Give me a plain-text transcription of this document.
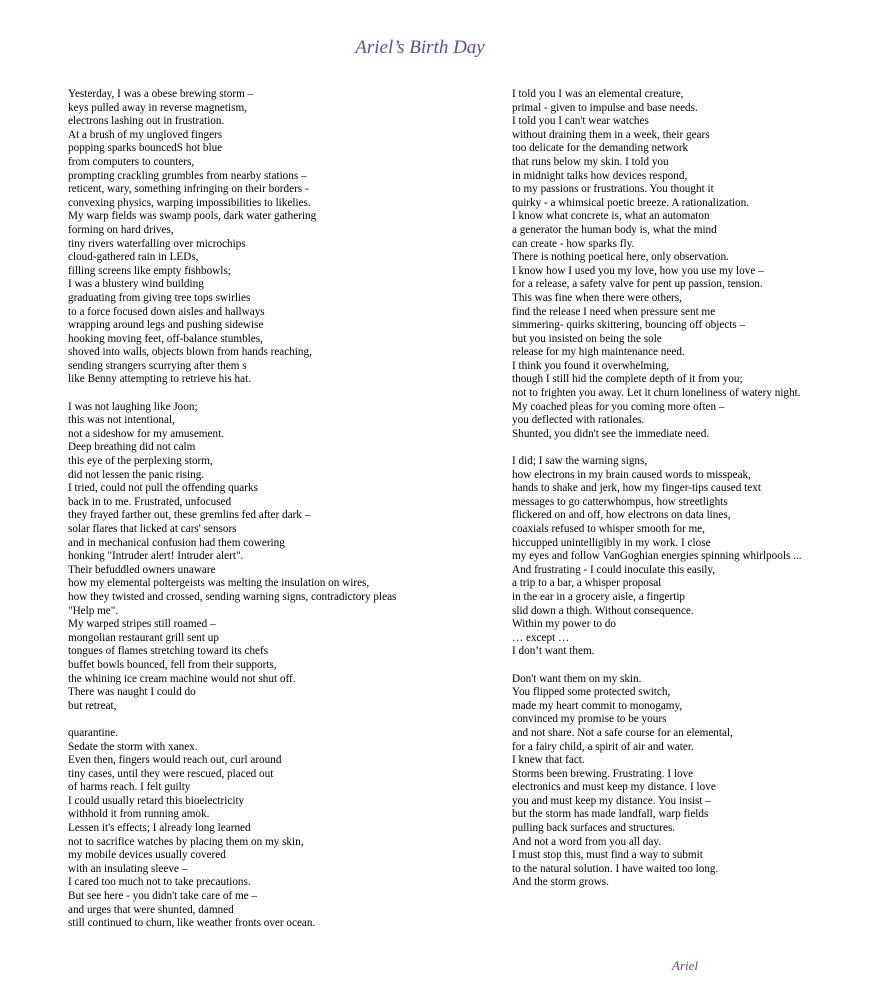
Ariel’s Birth Day
Yesterday, I was a obese brewing storm –
keys pulled away in reverse magnetism,
electrons lashing out in frustration.
At a brush of my ungloved fingers
popping sparks bouncedS hot blue
from computers to counters,
prompting crackling grumbles from nearby stations –
reticent, wary, something infringing on their borders -
convexing physics, warping impossibilities to likelies.
My warp fields was swamp pools, dark water gathering
forming on hard drives,
tiny rivers waterfalling over microchips
cloud-gathered rain in LEDs,
filling screens like empty fishbowls;
I was a blustery wind building
graduating from giving tree tops swirlies
to a force focused down aisles and hallways
wrapping around legs and pushing sidewise
hooking moving feet, off-balance stumbles,
shoved into walls, objects blown from hands reaching,
sending strangers scurrying after them s
like Benny attempting to retrieve his hat.
I was not laughing like Joon;
this was not intentional,
not a sideshow for my amusement.
Deep breathing did not calm
this eye of the perplexing storm,
did not lessen the panic rising.
I tried, could not pull the offending quarks
back in to me. Frustrated, unfocused
they frayed farther out, these gremlins fed after dark –
solar flares that licked at cars' sensors
and in mechanical confusion had them cowering
honking "Intruder alert! Intruder alert".
Their befuddled owners unaware
how my elemental poltergeists was melting the insulation on wires,
how they twisted and crossed, sending warning signs, contradictory pleas
"Help me".
My warped stripes still roamed –
mongolian restaurant grill sent up
tongues of flames stretching toward its chefs
buffet bowls bounced, fell from their supports,
the whining ice cream machine would not shut off.
There was naught I could do
but retreat,
quarantine.
Sedate the storm with xanex.
Even then, fingers would reach out, curl around
tiny cases, until they were rescued, placed out
of harms reach. I felt guilty
I could usually retard this bioelectricity
withhold it from running amok.
Lessen it's effects; I already long learned
not to sacrifice watches by placing them on my skin,
my mobile devices usually covered
with an insulating sleeve –
I cared too much not to take precautions.
But see here - you didn't take care of me –
and urges that were shunted, damned
still continued to churn, like weather fronts over ocean.
I told you I was an elemental creature,
primal - given to impulse and base needs.
I told you I can't wear watches
without draining them in a week, their gears
too delicate for the demanding network
that runs below my skin. I told you
in midnight talks how devices respond,
to my passions or frustrations. You thought it
quirky - a whimsical poetic breeze. A rationalization.
I know what concrete is, what an automaton
a generator the human body is, what the mind
can create - how sparks fly.
There is nothing poetical here, only observation.
I know how I used you my love, how you use my love –
for a release, a safety valve for pent up passion, tension.
This was fine when there were others,
find the release I need when pressure sent me
simmering- quirks skittering, bouncing off objects –
but you insisted on being the sole
release for my high maintenance need.
I think you found it overwhelming,
though I still hid the complete depth of it from you;
not to frighten you away. Let it churn loneliness of watery night.
My coached pleas for you coming more often –
you deflected with rationales.
Shunted, you didn't see the immediate need.
I did; I saw the warning signs,
how electrons in my brain caused words to misspeak,
hands to shake and jerk, how my finger-tips caused text
messages to go catterwhompus, how streetlights
flickered on and off, how electrons on data lines,
coaxials refused to whisper smooth for me,
hiccupped unintelligibly in my work. I close
my eyes and follow VanGoghian energies spinning whirlpools ...
And frustrating - I could inoculate this easily,
a trip to a bar, a whisper proposal
in the ear in a grocery aisle, a fingertip
slid down a thigh. Without consequence.
Within my power to do
… except …
I don’t want them.
Don't want them on my skin.
You flipped some protected switch,
made my heart commit to monogamy,
convinced my promise to be yours
and not share. Not a safe course for an elemental,
for a fairy child, a spirit of air and water.
I knew that fact.
Storms been brewing. Frustrating. I love
electronics and must keep my distance. I love
you and must keep my distance. You insist –
but the storm has made landfall, warp fields
pulling back surfaces and structures.
And not a word from you all day.
I must stop this, must find a way to submit
to the natural solution. I have waited too long.
And the storm grows.
Ariel
